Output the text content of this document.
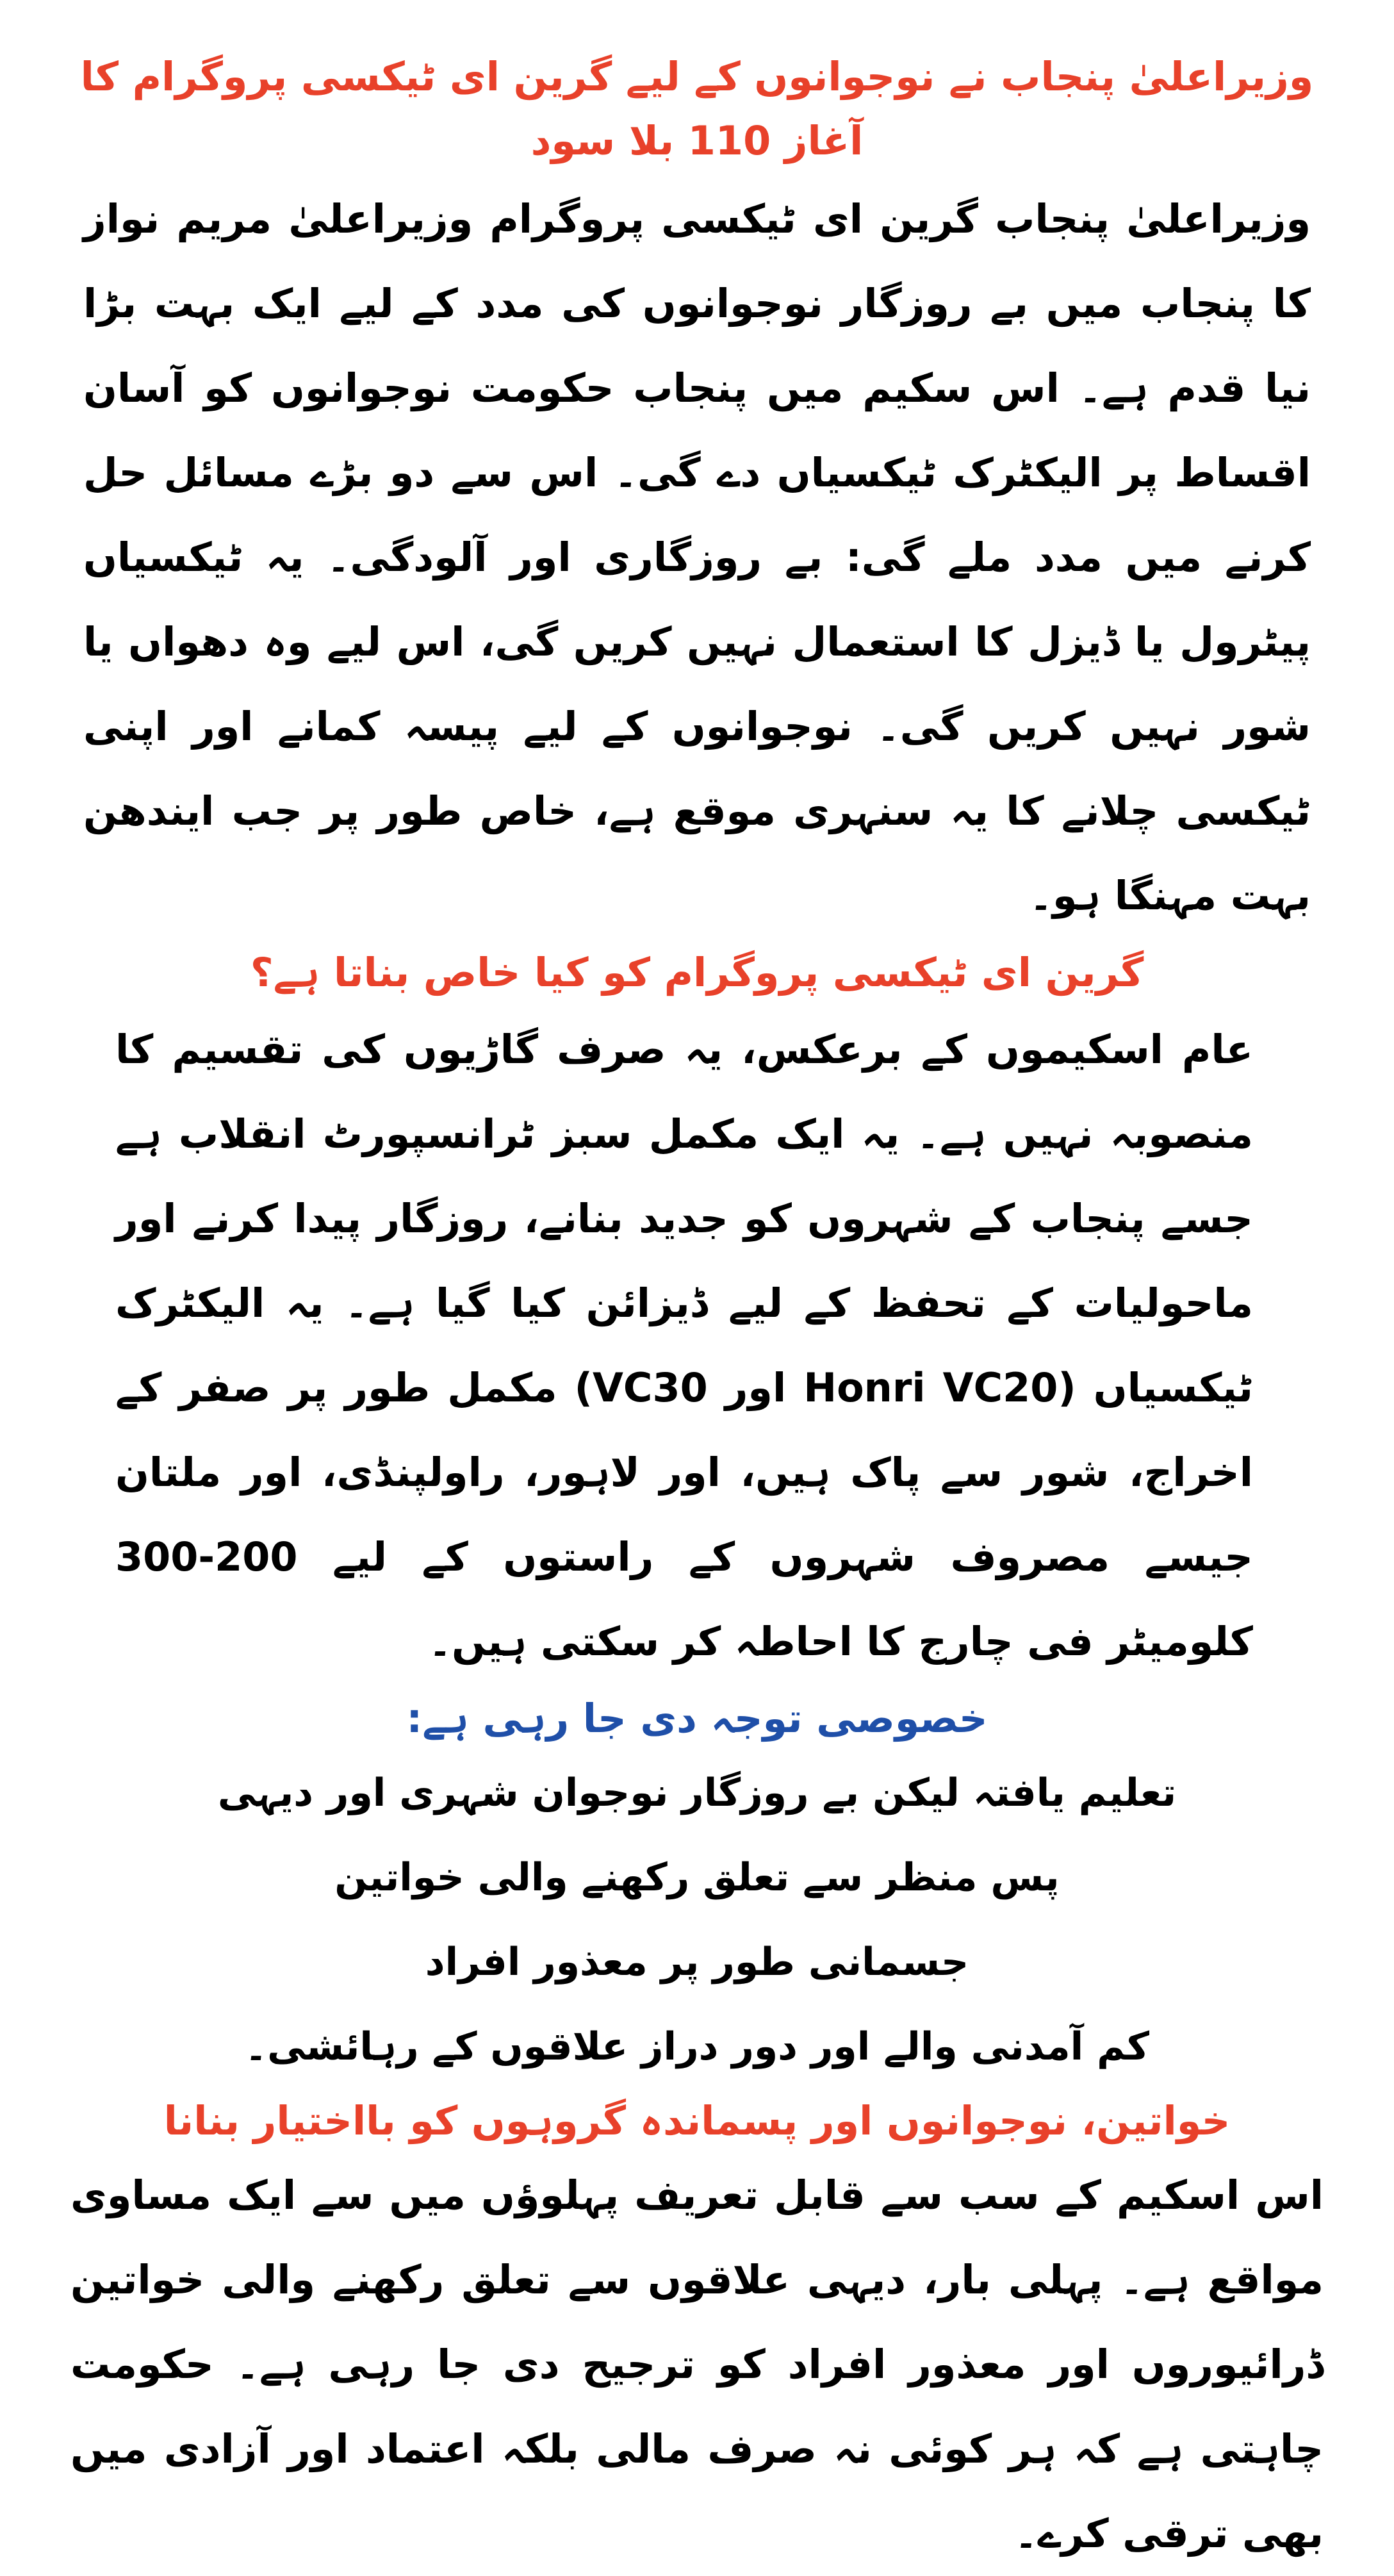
وزیراعلیٰ پنجاب نے نوجوانوں کے لیے گرین ای ٹیکسی پروگرام کا آغاز 110 بلا سود

وزیراعلیٰ پنجاب گرین ای ٹیکسی پروگرام وزیراعلیٰ مریم نواز کا پنجاب میں بے روزگار نوجوانوں کی مدد کے لیے ایک بہت بڑا نیا قدم ہے۔ اس سکیم میں پنجاب حکومت نوجوانوں کو آسان اقساط پر الیکٹرک ٹیکسیاں دے گی۔ اس سے دو بڑے مسائل حل کرنے میں مدد ملے گی: بے روزگاری اور آلودگی۔ یہ ٹیکسیاں پیٹرول یا ڈیزل کا استعمال نہیں کریں گی، اس لیے وہ دھواں یا شور نہیں کریں گی۔ نوجوانوں کے لیے پیسہ کمانے اور اپنی ٹیکسی چلانے کا یہ سنہری موقع ہے، خاص طور پر جب ایندھن بہت مہنگا ہو۔

گرین ای ٹیکسی پروگرام کو کیا خاص بناتا ہے؟

عام اسکیموں کے برعکس، یہ صرف گاڑیوں کی تقسیم کا منصوبہ نہیں ہے۔ یہ ایک مکمل سبز ٹرانسپورٹ انقلاب ہے جسے پنجاب کے شہروں کو جدید بنانے، روزگار پیدا کرنے اور ماحولیات کے تحفظ کے لیے ڈیزائن کیا گیا ہے۔ یہ الیکٹرک ٹیکسیاں (Honri VC20 اور VC30) مکمل طور پر صفر کے اخراج، شور سے پاک ہیں، اور لاہور، راولپنڈی، اور ملتان جیسے مصروف شہروں کے راستوں کے لیے 200-300 کلومیٹر فی چارج کا احاطہ کر سکتی ہیں۔

خصوصی توجہ دی جا رہی ہے:
تعلیم یافتہ لیکن بے روزگار نوجوان شہری اور دیہی
پس منظر سے تعلق رکھنے والی خواتین
جسمانی طور پر معذور افراد
کم آمدنی والے اور دور دراز علاقوں کے رہائشی۔
خواتین، نوجوانوں اور پسماندہ گروہوں کو بااختیار بنانا

اس اسکیم کے سب سے قابل تعریف پہلوؤں میں سے ایک مساوی مواقع ہے۔ پہلی بار، دیہی علاقوں سے تعلق رکھنے والی خواتین ڈرائیوروں اور معذور افراد کو ترجیح دی جا رہی ہے۔ حکومت چاہتی ہے کہ ہر کوئی نہ صرف مالی بلکہ اعتماد اور آزادی میں بھی ترقی کرے۔
